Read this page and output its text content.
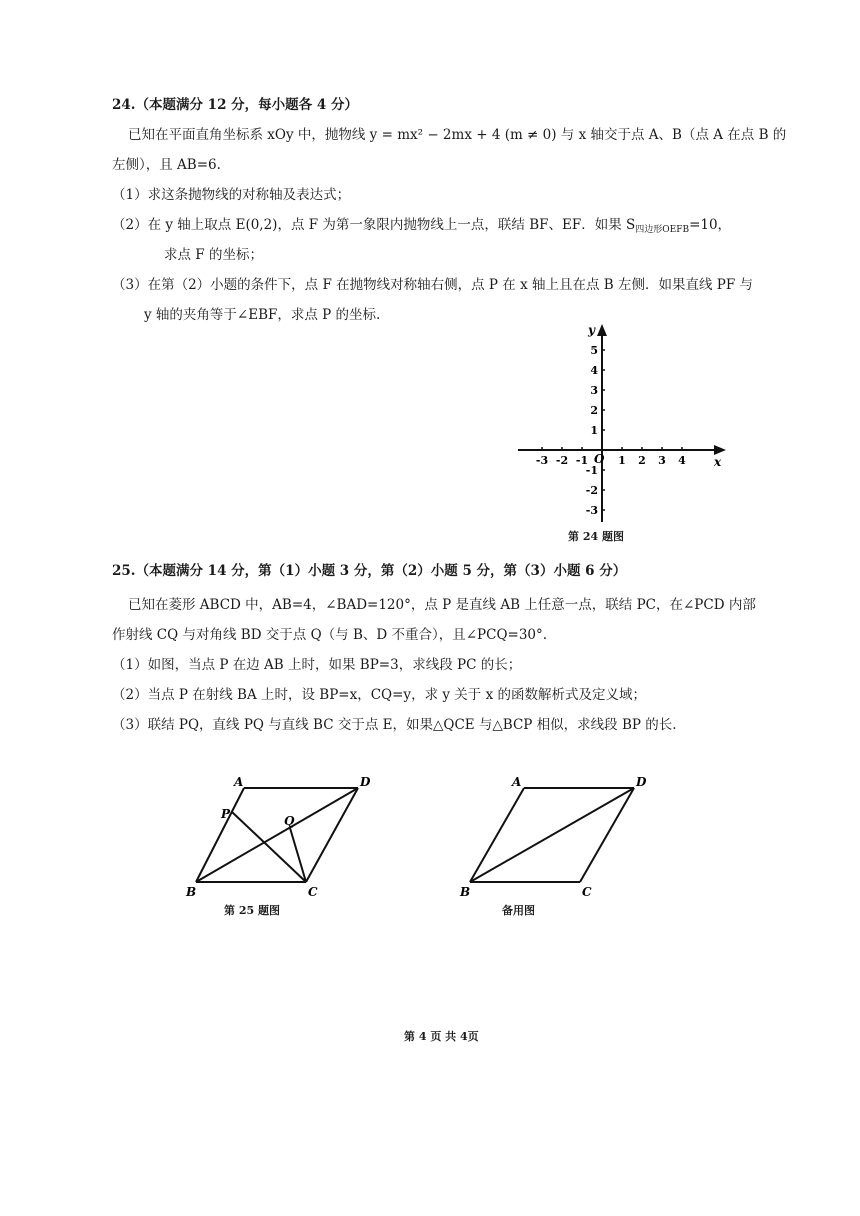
24.（本题满分 12 分，每小题各 4 分）
已知在平面直角坐标系 xOy 中，抛物线 y = mx² − 2mx + 4 (m ≠ 0) 与 x 轴交于点 A、B（点 A 在点 B 的
左侧），且 AB=6.
（1）求这条抛物线的对称轴及表达式；
（2）在 y 轴上取点 E(0,2)，点 F 为第一象限内抛物线上一点，联结 BF、EF．如果 $S_{四边形OEFB}=10$，
求点 F 的坐标；
（3）在第（2）小题的条件下，点 F 在抛物线对称轴右侧，点 P 在 x 轴上且在点 B 左侧．如果直线 PF 与
y 轴的夹角等于∠EBF，求点 P 的坐标.
x
y
O
-3 -2 -1	1 2 3 4
5
4
3
2
1
-1
-2
-3
第 24 题图
25.（本题满分 14 分，第（1）小题 3 分，第（2）小题 5 分，第（3）小题 6 分）
已知在菱形 ABCD 中，AB=4，∠BAD=120°，点 P 是直线 AB 上任意一点，联结 PC，在∠PCD 内部
作射线 CQ 与对角线 BD 交于点 Q（与 B、D 不重合），且∠PCQ=30°.
（1）如图，当点 P 在边 AB 上时，如果 BP=3，求线段 PC 的长；
（2）当点 P 在射线 BA 上时，设 BP=x，CQ=y，求 y 关于 x 的函数解析式及定义域；
（3）联结 PQ，直线 PQ 与直线 BC 交于点 E，如果△QCE 与△BCP 相似，求线段 BP 的长.
A	D
P	Q
B	C
第 25 题图
A	D
B	C
备用图
第 4 页 共 4页
